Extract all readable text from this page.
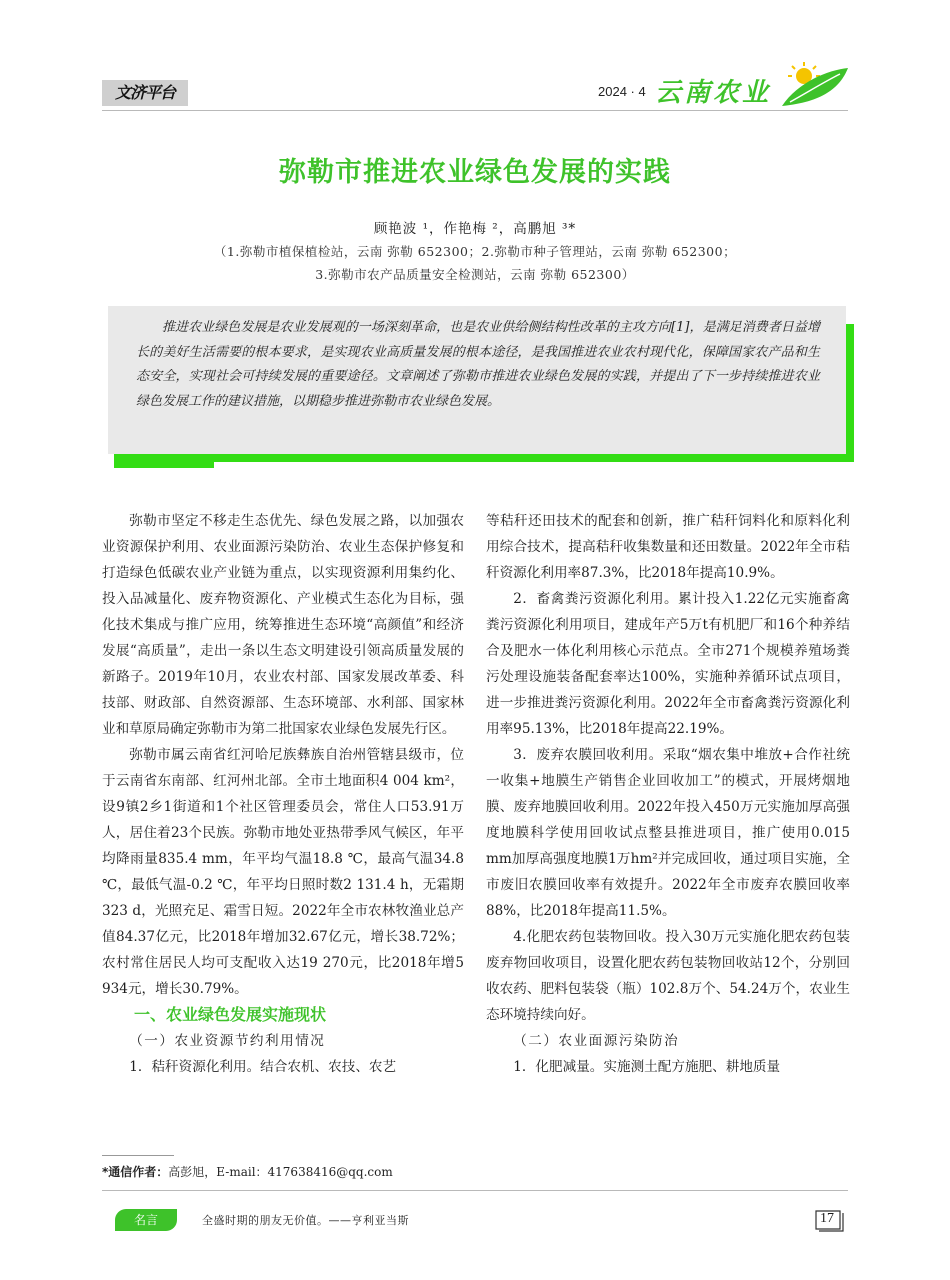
文济平台	2024 · 4 云南农业
弥勒市推进农业绿色发展的实践
顾艳波 ¹，作艳梅 ²，高鹏旭 ³*
（1.弥勒市植保植检站，云南 弥勒 652300；2.弥勒市种子管理站，云南 弥勒 652300；
3.弥勒市农产品质量安全检测站，云南 弥勒 652300）
推进农业绿色发展是农业发展观的一场深刻革命，也是农业供给侧结构性改革的主攻方向[1]，是满足消费者日益增长的美好生活需要的根本要求，是实现农业高质量发展的根本途径，是我国推进农业农村现代化，保障国家农产品和生态安全，实现社会可持续发展的重要途径。文章阐述了弥勒市推进农业绿色发展的实践，并提出了下一步持续推进农业绿色发展工作的建议措施，以期稳步推进弥勒市农业绿色发展。

弥勒市坚定不移走生态优先、绿色发展之路，以加强农业资源保护利用、农业面源污染防治、农业生态保护修复和打造绿色低碳农业产业链为重点，以实现资源利用集约化、投入品减量化、废弃物资源化、产业模式生态化为目标，强化技术集成与推广应用，统筹推进生态环境“高颜值”和经济发展“高质量”，走出一条以生态文明建设引领高质量发展的新路子。2019年10月，农业农村部、国家发展改革委、科技部、财政部、自然资源部、生态环境部、水利部、国家林业和草原局确定弥勒市为第二批国家农业绿色发展先行区。

弥勒市属云南省红河哈尼族彝族自治州管辖县级市，位于云南省东南部、红河州北部。全市土地面积4 004 km²，设9镇2乡1街道和1个社区管理委员会，常住人口53.91万人，居住着23个民族。弥勒市地处亚热带季风气候区，年平均降雨量835.4 mm，年平均气温18.8 ℃，最高气温34.8 ℃，最低气温-0.2 ℃，年平均日照时数2 131.4 h，无霜期323 d，光照充足、霜雪日短。2022年全市农林牧渔业总产值84.37亿元，比2018年增加32.67亿元，增长38.72%；农村常住居民人均可支配收入达19 270元，比2018年增5 934元，增长30.79%。

一、农业绿色发展实施现状
（一）农业资源节约利用情况

1．秸秆资源化利用。结合农机、农技、农艺

等秸秆还田技术的配套和创新，推广秸秆饲料化和原料化利用综合技术，提高秸秆收集数量和还田数量。2022年全市秸秆资源化利用率87.3%，比2018年提高10.9%。

2．畜禽粪污资源化利用。累计投入1.22亿元实施畜禽粪污资源化利用项目，建成年产5万t有机肥厂和16个种养结合及肥水一体化利用核心示范点。全市271个规模养殖场粪污处理设施装备配套率达100%，实施种养循环试点项目，进一步推进粪污资源化利用。2022年全市畜禽粪污资源化利用率95.13%，比2018年提高22.19%。

3．废弃农膜回收利用。采取“烟农集中堆放+合作社统一收集+地膜生产销售企业回收加工”的模式，开展烤烟地膜、废弃地膜回收利用。2022年投入450万元实施加厚高强度地膜科学使用回收试点整县推进项目，推广使用0.015 mm加厚高强度地膜1万hm²并完成回收，通过项目实施，全市废旧农膜回收率有效提升。2022年全市废弃农膜回收率88%，比2018年提高11.5%。

4.化肥农药包装物回收。投入30万元实施化肥农药包装废弃物回收项目，设置化肥农药包装物回收站12个，分别回收农药、肥料包装袋（瓶）102.8万个、54.24万个，农业生态环境持续向好。

（二）农业面源污染防治

1．化肥减量。实施测土配方施肥、耕地质量

*通信作者：高彭旭，E-mail：417638416@qq.com
名言	全盛时期的朋友无价值。——亨利亚当斯	17
